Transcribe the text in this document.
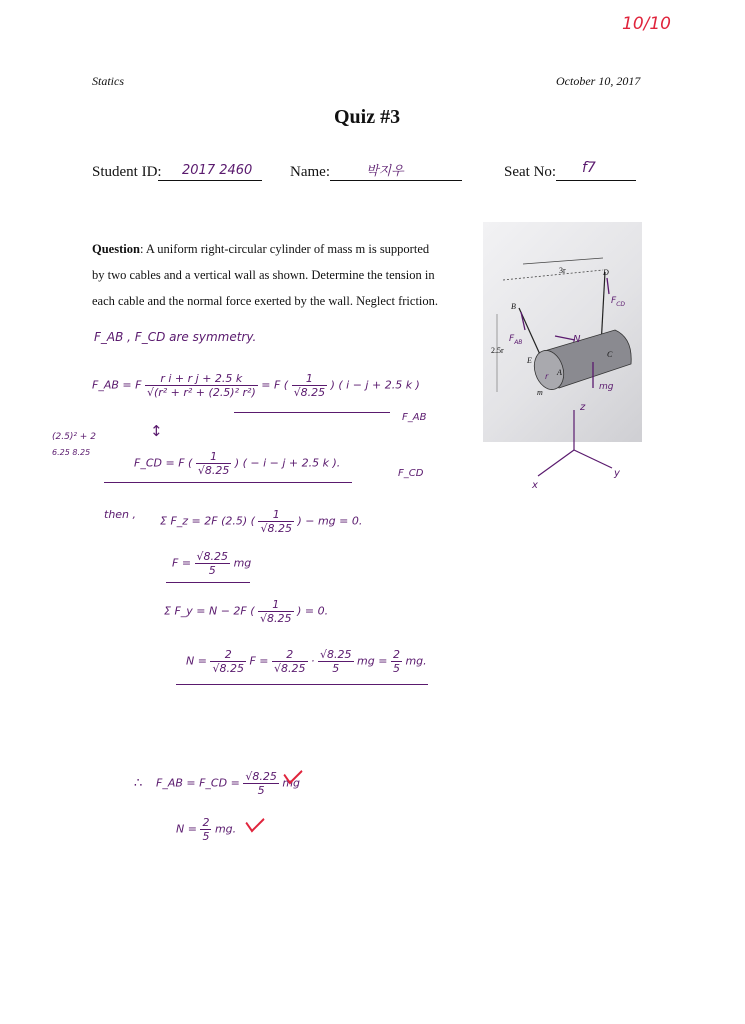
10/10
Statics	October 10, 2017
Quiz #3
Student ID: 2017 2460	Name:	박지우	Seat No: f7
Question: A uniform right-circular cylinder of mass m is supported
by two cables and a vertical wall as shown. Determine the tension in
each cable and the normal force exerted by the wall. Neglect friction.
3r
2.5r
B
D
E
A
C
N
m
r
$F_{AB}$
$F_{CD}$
mg
z
x
y
F_AB , F_CD are symmetry.
F_AB = F $\frac{\text{r i + r j + 2.5 k}}{\text{√(r² + r² + (2.5)² r²)}} = F$ ( $\frac{1}{√8.25}$ ) ( i − j + 2.5 k )
F_AB
(2.5)² + 2
6.25 8.25
↕
F_CD = F ( $\frac{1}{√8.25}$ ) ( − i − j + 2.5 k ).
F_CD
then , Σ F_z = 2F (2.5) ( $\frac{1}{√8.25}$ ) − mg = 0.
$F = \frac{√8.25}{5}$ mg
Σ F_y = N − 2F ( $\frac{1}{√8.25}$ ) = 0.
$N = \frac{2}{√8.25}$ $F = \frac{2}{√8.25} \cdot \frac{√8.25}{5}$ mg = $\frac{2}{5}$ mg.
∴ F_AB = F_CD = $\frac{√8.25}{5}$ mg
$N = \frac{2}{5}$ mg.
